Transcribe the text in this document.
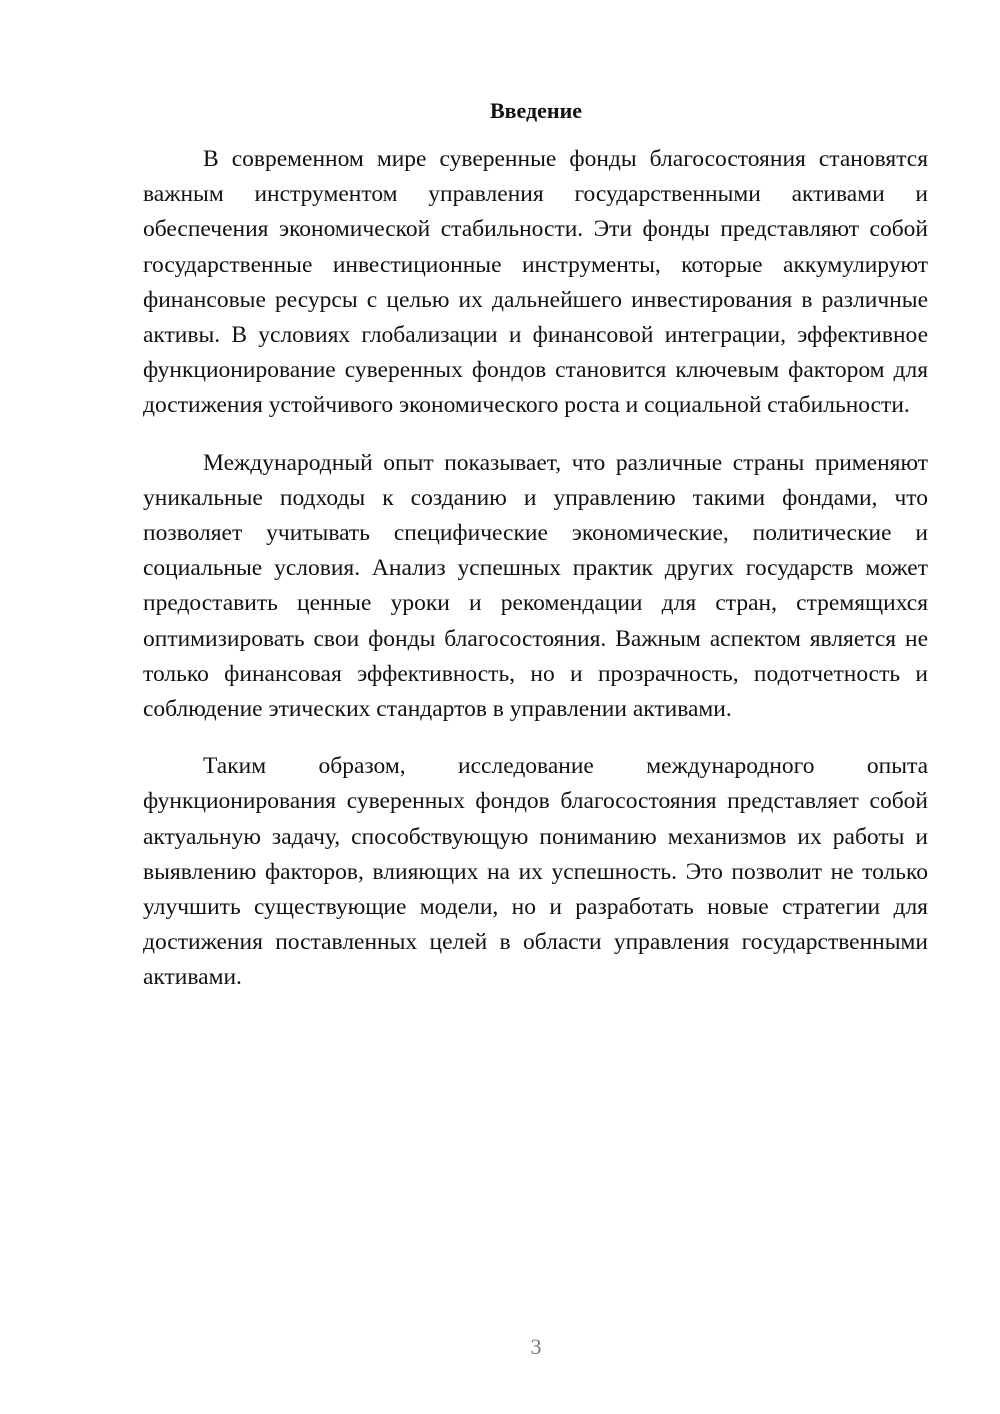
Введение

В современном мире суверенные фонды благосостояния становятся важным инструментом управления государственными активами и обеспечения экономической стабильности. Эти фонды представляют собой государственные инвестиционные инструменты, которые аккумулируют финансовые ресурсы с целью их дальнейшего инвестирования в различные активы. В условиях глобализации и финансовой интеграции, эффективное функционирование суверенных фондов становится ключевым фактором для достижения устойчивого экономического роста и социальной стабильности.

Международный опыт показывает, что различные страны применяют уникальные подходы к созданию и управлению такими фондами, что позволяет учитывать специфические экономические, политические и социальные условия. Анализ успешных практик других государств может предоставить ценные уроки и рекомендации для стран, стремящихся оптимизировать свои фонды благосостояния. Важным аспектом является не только финансовая эффективность, но и прозрачность, подотчетность и соблюдение этических стандартов в управлении активами.

Таким образом, исследование международного опыта функционирования суверенных фондов благосостояния представляет собой актуальную задачу, способствующую пониманию механизмов их работы и выявлению факторов, влияющих на их успешность. Это позволит не только улучшить существующие модели, но и разработать новые стратегии для достижения поставленных целей в области управления государственными активами.

3
